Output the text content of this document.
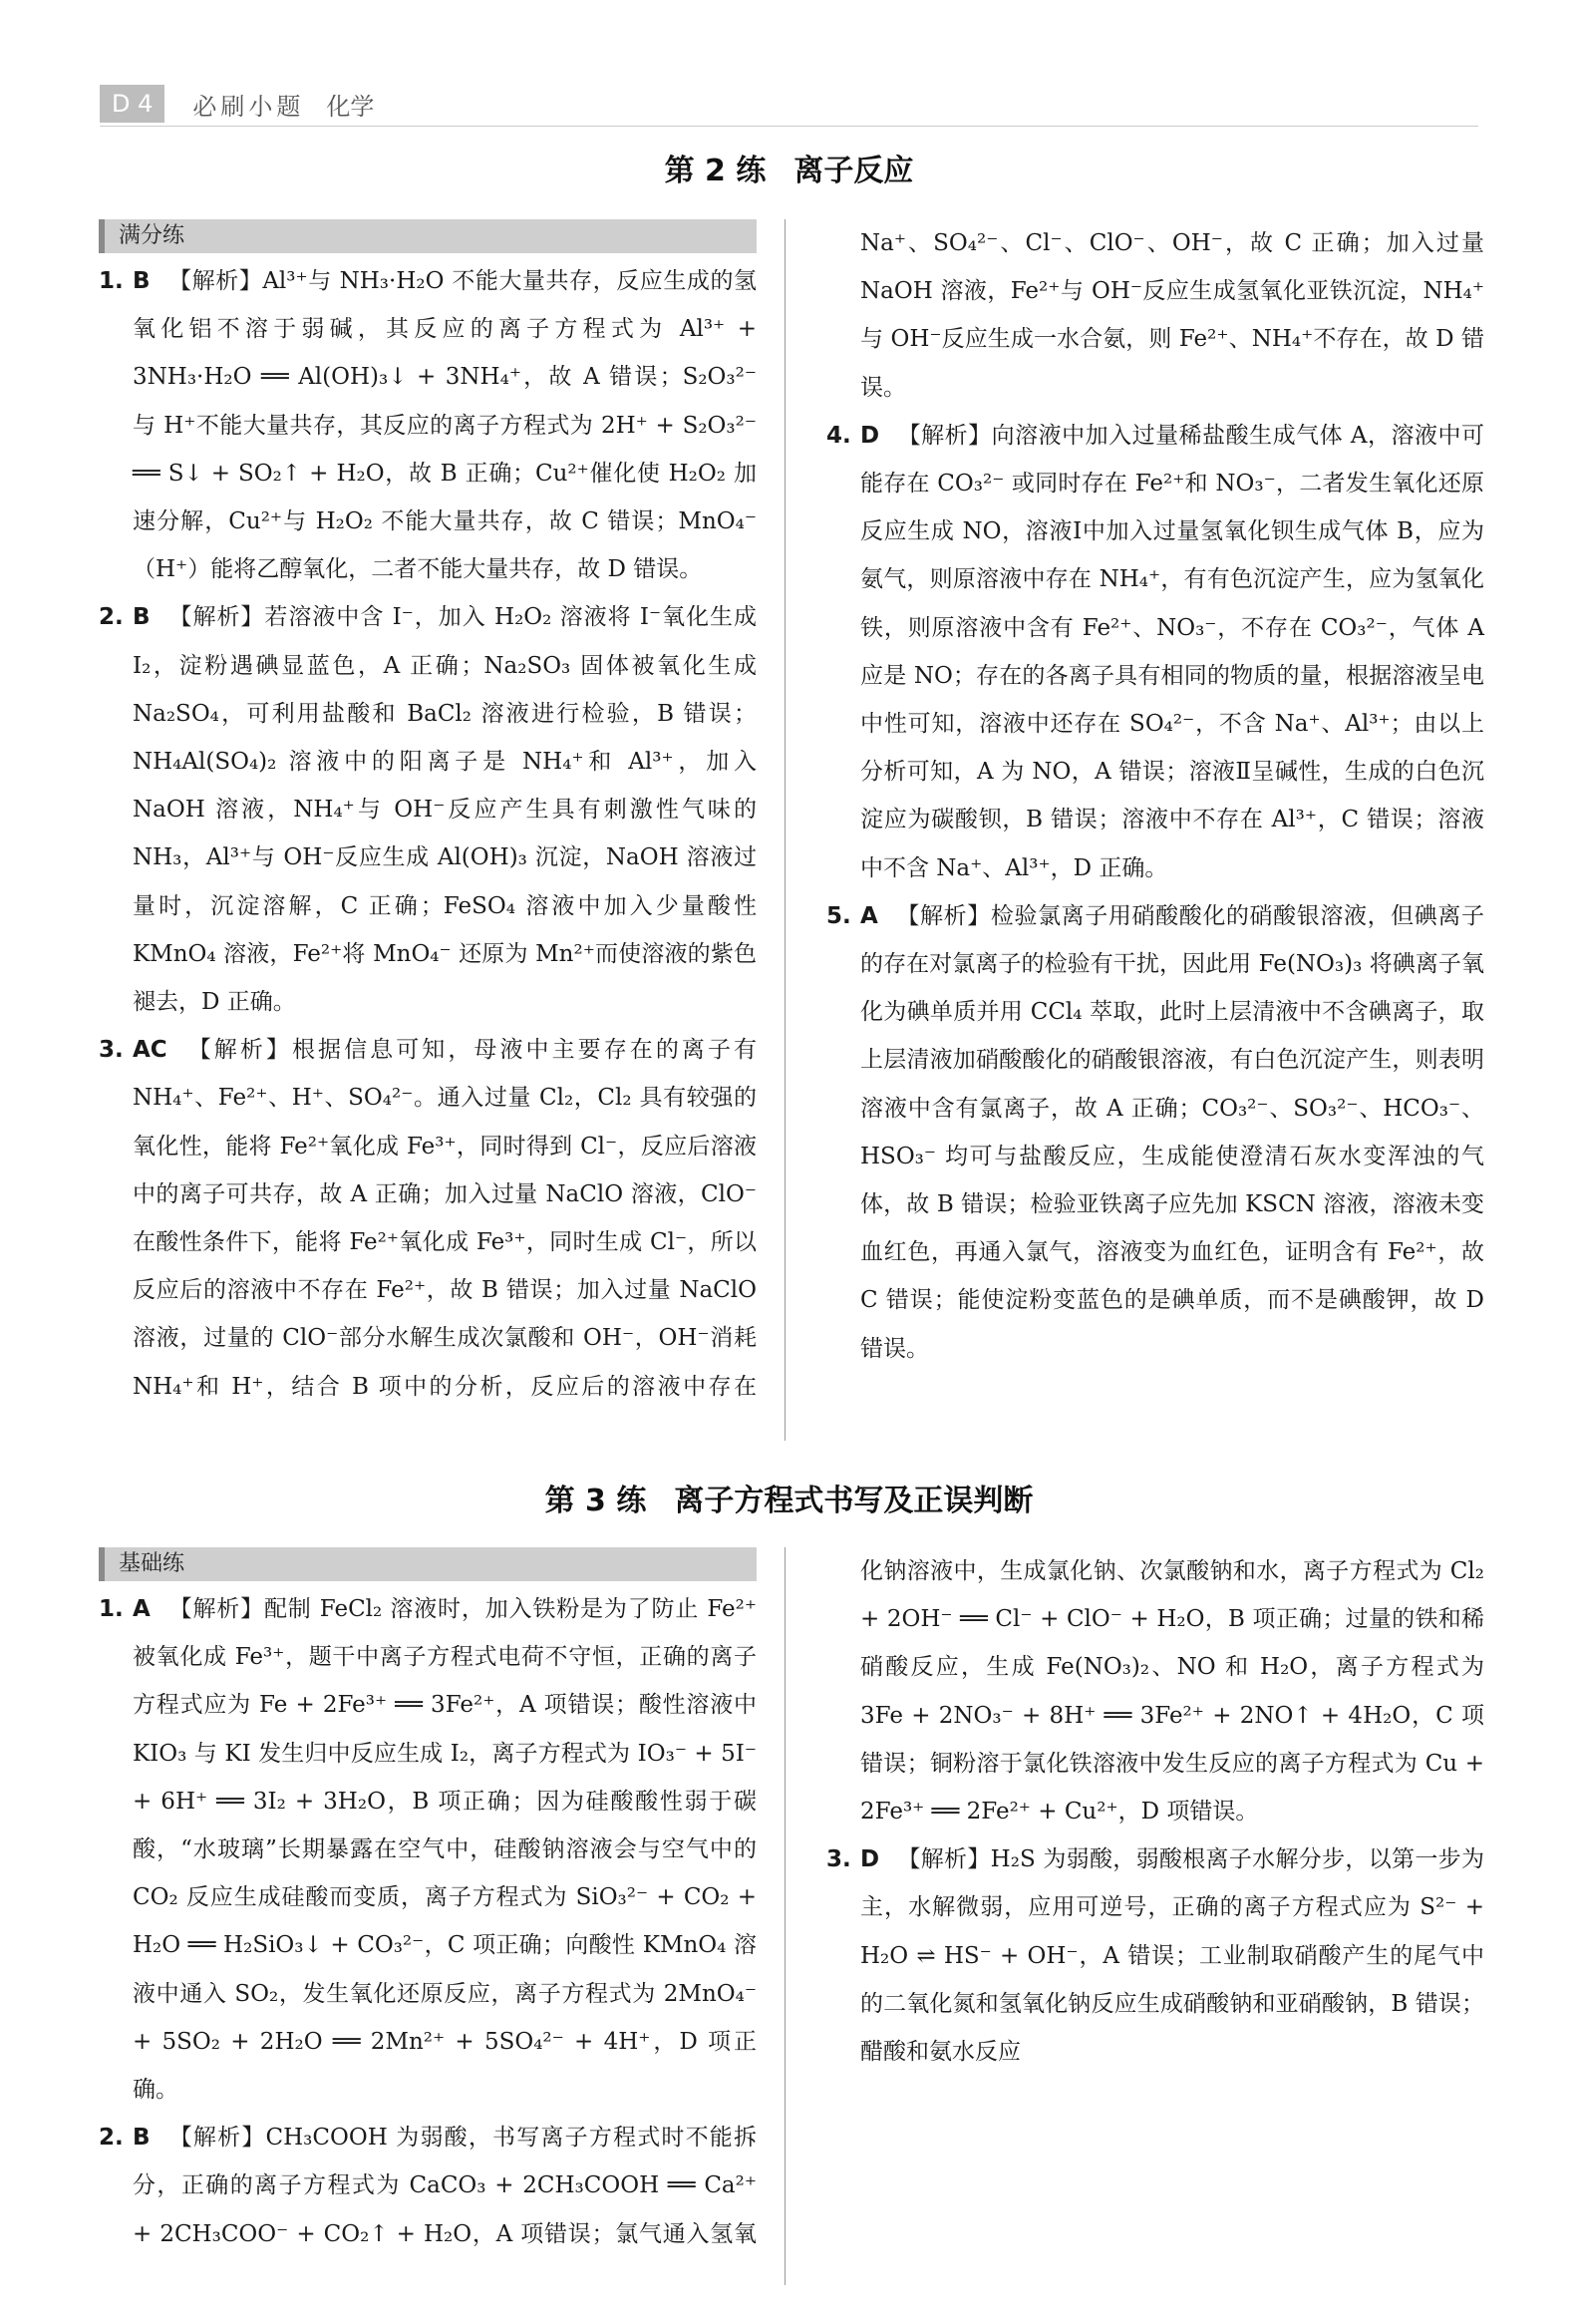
D 4	必刷小题 化学
第 2 练 离子反应
满分练
1. B 【解析】Al³⁺与 NH₃·H₂O 不能大量共存，反应生成的氢氧化铝不溶于弱碱，其反应的离子方程式为 Al³⁺ + 3NH₃·H₂O ══ Al(OH)₃↓ + 3NH₄⁺，故 A 错误；S₂O₃²⁻ 与 H⁺不能大量共存，其反应的离子方程式为 2H⁺ + S₂O₃²⁻ ══ S↓ + SO₂↑ + H₂O，故 B 正确；Cu²⁺催化使 H₂O₂ 加速分解，Cu²⁺与 H₂O₂ 不能大量共存，故 C 错误；MnO₄⁻（H⁺）能将乙醇氧化，二者不能大量共存，故 D 错误。
2. B 【解析】若溶液中含 I⁻，加入 H₂O₂ 溶液将 I⁻氧化生成 I₂，淀粉遇碘显蓝色，A 正确；Na₂SO₃ 固体被氧化生成 Na₂SO₄，可利用盐酸和 BaCl₂ 溶液进行检验，B 错误；NH₄Al(SO₄)₂ 溶液中的阳离子是 NH₄⁺和 Al³⁺，加入 NaOH 溶液，NH₄⁺与 OH⁻反应产生具有刺激性气味的 NH₃，Al³⁺与 OH⁻反应生成 Al(OH)₃ 沉淀，NaOH 溶液过量时，沉淀溶解，C 正确；FeSO₄ 溶液中加入少量酸性 KMnO₄ 溶液，Fe²⁺将 MnO₄⁻ 还原为 Mn²⁺而使溶液的紫色褪去，D 正确。
3. AC 【解析】根据信息可知，母液中主要存在的离子有 NH₄⁺、Fe²⁺、H⁺、SO₄²⁻。通入过量 Cl₂，Cl₂ 具有较强的氧化性，能将 Fe²⁺氧化成 Fe³⁺，同时得到 Cl⁻，反应后溶液中的离子可共存，故 A 正确；加入过量 NaClO 溶液，ClO⁻在酸性条件下，能将 Fe²⁺氧化成 Fe³⁺，同时生成 Cl⁻，所以反应后的溶液中不存在 Fe²⁺，故 B 错误；加入过量 NaClO 溶液，过量的 ClO⁻部分水解生成次氯酸和 OH⁻，OH⁻消耗 NH₄⁺和 H⁺，结合 B 项中的分析，反应后的溶液中存在 Na⁺、SO₄²⁻、Cl⁻、ClO⁻、OH⁻，故 C 正确；加入过量 NaOH 溶液，Fe²⁺与 OH⁻反应生成氢氧化亚铁沉淀，NH₄⁺与 OH⁻反应生成一水合氨，则 Fe²⁺、NH₄⁺不存在，故 D 错误。
4. D 【解析】向溶液中加入过量稀盐酸生成气体 A，溶液中可能存在 CO₃²⁻ 或同时存在 Fe²⁺和 NO₃⁻，二者发生氧化还原反应生成 NO，溶液Ⅰ中加入过量氢氧化钡生成气体 B，应为氨气，则原溶液中存在 NH₄⁺，有有色沉淀产生，应为氢氧化铁，则原溶液中含有 Fe²⁺、NO₃⁻，不存在 CO₃²⁻，气体 A 应是 NO；存在的各离子具有相同的物质的量，根据溶液呈电中性可知，溶液中还存在 SO₄²⁻，不含 Na⁺、Al³⁺；由以上分析可知，A 为 NO，A 错误；溶液Ⅱ呈碱性，生成的白色沉淀应为碳酸钡，B 错误；溶液中不存在 Al³⁺，C 错误；溶液中不含 Na⁺、Al³⁺，D 正确。
5. A 【解析】检验氯离子用硝酸酸化的硝酸银溶液，但碘离子的存在对氯离子的检验有干扰，因此用 Fe(NO₃)₃ 将碘离子氧化为碘单质并用 CCl₄ 萃取，此时上层清液中不含碘离子，取上层清液加硝酸酸化的硝酸银溶液，有白色沉淀产生，则表明溶液中含有氯离子，故 A 正确；CO₃²⁻、SO₃²⁻、HCO₃⁻、HSO₃⁻ 均可与盐酸反应，生成能使澄清石灰水变浑浊的气体，故 B 错误；检验亚铁离子应先加 KSCN 溶液，溶液未变血红色，再通入氯气，溶液变为血红色，证明含有 Fe²⁺，故 C 错误；能使淀粉变蓝色的是碘单质，而不是碘酸钾，故 D 错误。
第 3 练 离子方程式书写及正误判断
基础练
1. A 【解析】配制 FeCl₂ 溶液时，加入铁粉是为了防止 Fe²⁺被氧化成 Fe³⁺，题干中离子方程式电荷不守恒，正确的离子方程式应为 Fe + 2Fe³⁺ ══ 3Fe²⁺，A 项错误；酸性溶液中 KIO₃ 与 KI 发生归中反应生成 I₂，离子方程式为 IO₃⁻ + 5I⁻ + 6H⁺ ══ 3I₂ + 3H₂O，B 项正确；因为硅酸酸性弱于碳酸，“水玻璃”长期暴露在空气中，硅酸钠溶液会与空气中的 CO₂ 反应生成硅酸而变质，离子方程式为 SiO₃²⁻ + CO₂ + H₂O ══ H₂SiO₃↓ + CO₃²⁻，C 项正确；向酸性 KMnO₄ 溶液中通入 SO₂，发生氧化还原反应，离子方程式为 2MnO₄⁻ + 5SO₂ + 2H₂O ══ 2Mn²⁺ + 5SO₄²⁻ + 4H⁺，D 项正确。
2. B 【解析】CH₃COOH 为弱酸，书写离子方程式时不能拆分，正确的离子方程式为 CaCO₃ + 2CH₃COOH ══ Ca²⁺ + 2CH₃COO⁻ + CO₂↑ + H₂O，A 项错误；氯气通入氢氧化钠溶液中，生成氯化钠、次氯酸钠和水，离子方程式为 Cl₂ + 2OH⁻ ══ Cl⁻ + ClO⁻ + H₂O，B 项正确；过量的铁和稀硝酸反应，生成 Fe(NO₃)₂、NO 和 H₂O，离子方程式为 3Fe + 2NO₃⁻ + 8H⁺ ══ 3Fe²⁺ + 2NO↑ + 4H₂O，C 项错误；铜粉溶于氯化铁溶液中发生反应的离子方程式为 Cu + 2Fe³⁺ ══ 2Fe²⁺ + Cu²⁺，D 项错误。
3. D 【解析】H₂S 为弱酸，弱酸根离子水解分步，以第一步为主，水解微弱，应用可逆号，正确的离子方程式应为 S²⁻ + H₂O ⇌ HS⁻ + OH⁻，A 错误；工业制取硝酸产生的尾气中的二氧化氮和氢氧化钠反应生成硝酸钠和亚硝酸钠，B 错误；醋酸和氨水反应
